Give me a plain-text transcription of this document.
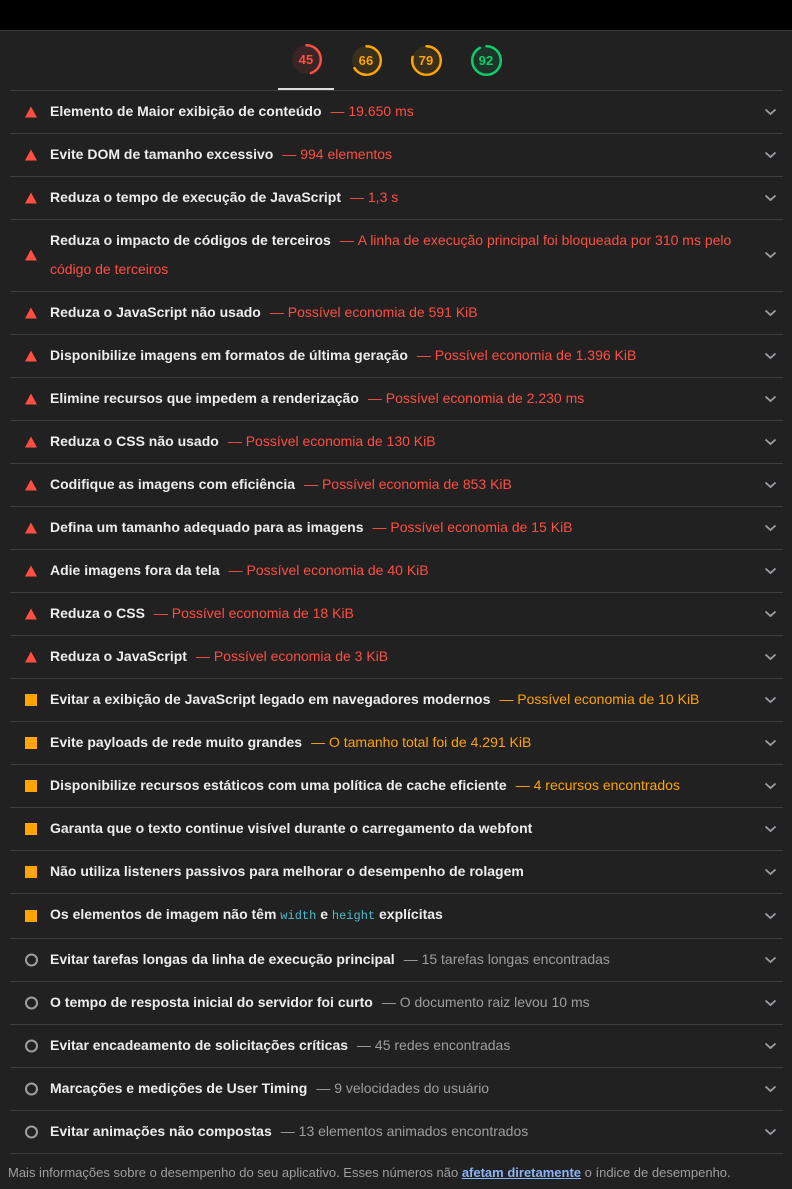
45	66	79	92
Elemento de Maior exibição de conteúdo — 19.650 ms
Evite DOM de tamanho excessivo — 994 elementos
Reduza o tempo de execução de JavaScript — 1,3 s
Reduza o impacto de códigos de terceiros — A linha de execução principal foi bloqueada por 310 ms pelo código de terceiros
Reduza o JavaScript não usado — Possível economia de 591 KiB
Disponibilize imagens em formatos de última geração — Possível economia de 1.396 KiB
Elimine recursos que impedem a renderização — Possível economia de 2.230 ms
Reduza o CSS não usado — Possível economia de 130 KiB
Codifique as imagens com eficiência — Possível economia de 853 KiB
Defina um tamanho adequado para as imagens — Possível economia de 15 KiB
Adie imagens fora da tela — Possível economia de 40 KiB
Reduza o CSS — Possível economia de 18 KiB
Reduza o JavaScript — Possível economia de 3 KiB
Evitar a exibição de JavaScript legado em navegadores modernos — Possível economia de 10 KiB
Evite payloads de rede muito grandes — O tamanho total foi de 4.291 KiB
Disponibilize recursos estáticos com uma política de cache eficiente — 4 recursos encontrados
Garanta que o texto continue visível durante o carregamento da webfont
Não utiliza listeners passivos para melhorar o desempenho de rolagem
Os elementos de imagem não têm width e height explícitas
Evitar tarefas longas da linha de execução principal — 15 tarefas longas encontradas
O tempo de resposta inicial do servidor foi curto — O documento raiz levou 10 ms
Evitar encadeamento de solicitações críticas — 45 redes encontradas
Marcações e medições de User Timing — 9 velocidades do usuário
Evitar animações não compostas — 13 elementos animados encontrados
Mais informações sobre o desempenho do seu aplicativo. Esses números não afetam diretamente o índice de desempenho.
